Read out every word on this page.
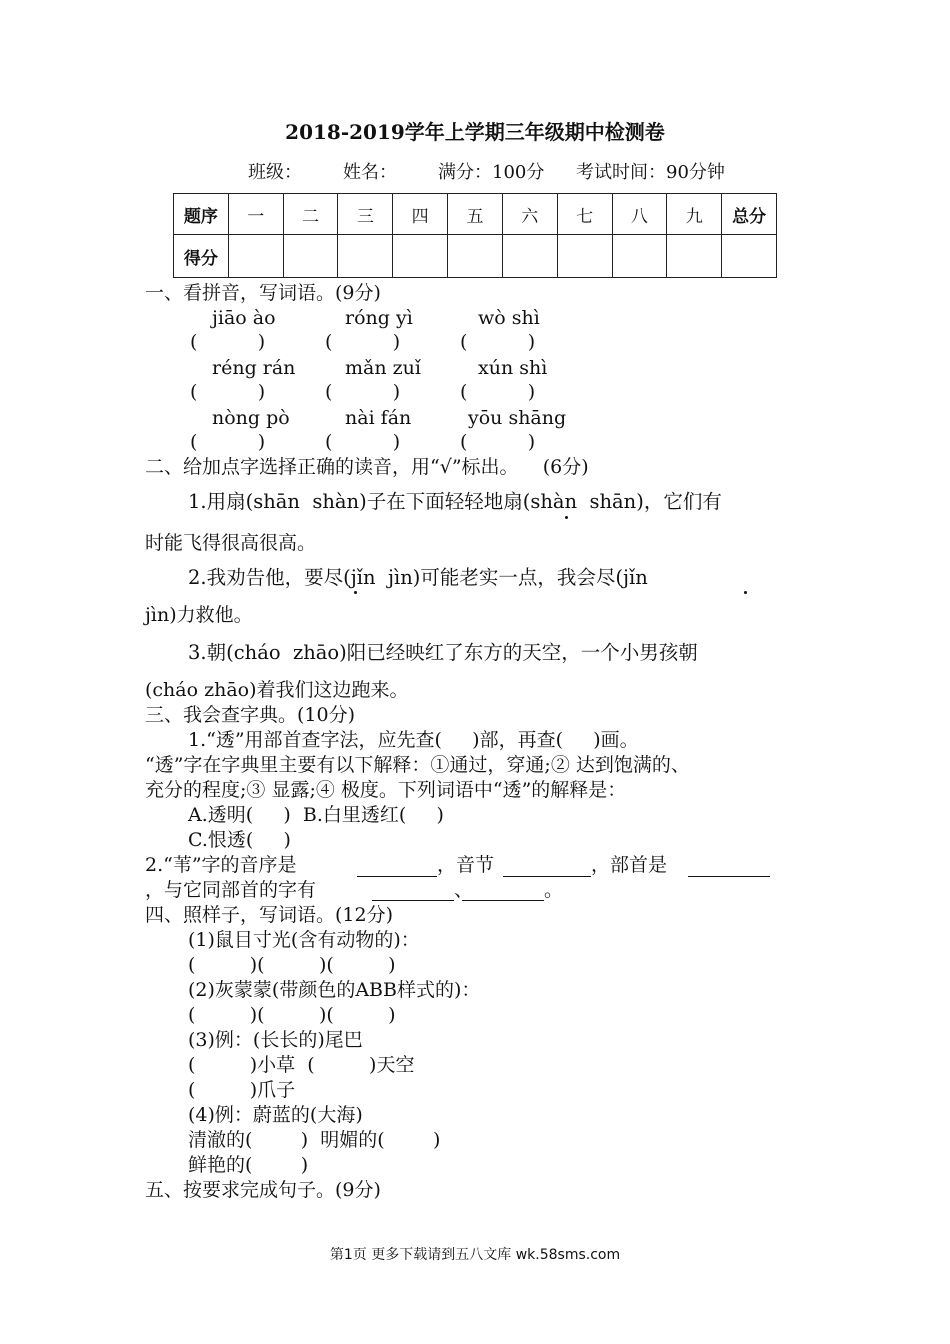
2018-2019学年上学期三年级期中检测卷
班级： 姓名： 满分：100分 考试时间：90分钟
题序	一	二	三	四	五	六	七	八	九	总分
得分										
一、看拼音，写词语。(9分)
jiāo ào	róng yì	wò shì
(          )	(          )	(          )
réng rán	mǎn zuǐ	xún shì
(          )	(          )	(          )
nòng pò	nài fán	yōu shāng
(          )	(          )	(          )
二、给加点字选择正确的读音，用“√”标出。    (6分)
1.用扇(shān  shàn)子在下面轻轻地扇(shàn  shān)，它们有
时能飞得很高很高。
2.我劝告他，要尽(jǐn  jìn)可能老实一点，我会尽(jǐn
jìn)力救他。
3.朝(cháo  zhāo)阳已经映红了东方的天空，一个小男孩朝
(cháo zhāo)着我们这边跑来。
三、我会查字典。(10分)
1.“透”用部首查字法，应先查(     )部，再查(     )画。
“透”字在字典里主要有以下解释：①通过，穿通;② 达到饱满的、
充分的程度;③ 显露;④ 极度。下列词语中“透”的解释是：
A.透明(     )  B.白里透红(     )
C.恨透(     )
2.“苇”字的音序是	，音节	，部首是
，与它同部首的字有	、	。
四、照样子，写词语。(12分)
(1)鼠目寸光(含有动物的)：
(         )(         )(         )
(2)灰蒙蒙(带颜色的ABB样式的)：
(         )(         )(         )
(3)例：(长长的)尾巴
(         )小草  (         )天空
(         )爪子
(4)例：蔚蓝的(大海)
清澈的(        )  明媚的(        )
鲜艳的(        )
五、按要求完成句子。(9分)
第1页 更多下载请到五八文库 wk.58sms.com
